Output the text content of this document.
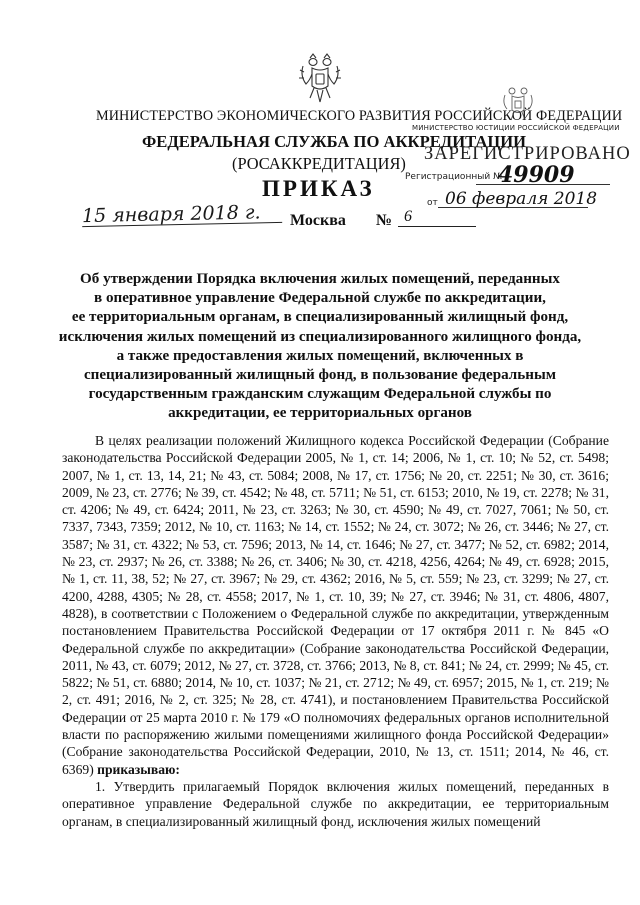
МИНИСТЕРСТВО ЭКОНОМИЧЕСКОГО РАЗВИТИЯ РОССИЙСКОЙ ФЕДЕРАЦИИ
ФЕДЕРАЛЬНАЯ СЛУЖБА ПО АККРЕДИТАЦИИ
(РОСАККРЕДИТАЦИЯ)
ПРИКАЗ
15 января 2018 г.	Москва № 6
МИНИСТЕРСТВО ЮСТИЦИИ РОССИЙСКОЙ ФЕДЕРАЦИИ
ЗАРЕГИСТРИРОВАНО
Регистрационный №
49909
от 06 февраля 2018
Об утверждении Порядка включения жилых помещений, переданных
в оперативное управление Федеральной службе по аккредитации,
ее территориальным органам, в специализированный жилищный фонд,
исключения жилых помещений из специализированного жилищного фонда,
а также предоставления жилых помещений, включенных в
специализированный жилищный фонд, в пользование федеральным
государственным гражданским служащим Федеральной службы по
аккредитации, ее территориальных органов

В целях реализации положений Жилищного кодекса Российской Федерации (Собрание законодательства Российской Федерации 2005, № 1, ст. 14; 2006, № 1, ст. 10; № 52, ст. 5498; 2007, № 1, ст. 13, 14, 21; № 43, ст. 5084; 2008, № 17, ст. 1756; № 20, ст. 2251; № 30, ст. 3616; 2009, № 23, ст. 2776; № 39, ст. 4542; № 48, ст. 5711; № 51, ст. 6153; 2010, № 19, ст. 2278; № 31, ст. 4206; № 49, ст. 6424; 2011, № 23, ст. 3263; № 30, ст. 4590; № 49, ст. 7027, 7061; № 50, ст. 7337, 7343, 7359; 2012, № 10, ст. 1163; № 14, ст. 1552; № 24, ст. 3072; № 26, ст. 3446; № 27, ст. 3587; № 31, ст. 4322; № 53, ст. 7596; 2013, № 14, ст. 1646; № 27, ст. 3477; № 52, ст. 6982; 2014, № 23, ст. 2937; № 26, ст. 3388; № 26, ст. 3406; № 30, ст. 4218, 4256, 4264; № 49, ст. 6928; 2015, № 1, ст. 11, 38, 52; № 27, ст. 3967; № 29, ст. 4362; 2016, № 5, ст. 559; № 23, ст. 3299; № 27, ст. 4200, 4288, 4305; № 28, ст. 4558; 2017, № 1, ст. 10, 39; № 27, ст. 3946; № 31, ст. 4806, 4807, 4828), в соответствии с Положением о Федеральной службе по аккредитации, утвержденным постановлением Правительства Российской Федерации от 17 октября 2011 г. № 845 «О Федеральной службе по аккредитации» (Собрание законодательства Российской Федерации, 2011, № 43, ст. 6079; 2012, № 27, ст. 3728, ст. 3766; 2013, № 8, ст. 841; № 24, ст. 2999; № 45, ст. 5822; № 51, ст. 6880; 2014, № 10, ст. 1037; № 21, ст. 2712; № 49, ст. 6957; 2015, № 1, ст. 219; № 2, ст. 491; 2016, № 2, ст. 325; № 28, ст. 4741), и постановлением Правительства Российской Федерации от 25 марта 2010 г. № 179 «О полномочиях федеральных органов исполнительной власти по распоряжению жилыми помещениями жилищного фонда Российской Федерации» (Собрание законодательства Российской Федерации, 2010, № 13, ст. 1511; 2014, № 46, ст. 6369) приказываю:

1. Утвердить прилагаемый Порядок включения жилых помещений, переданных в оперативное управление Федеральной службе по аккредитации, ее территориальным органам, в специализированный жилищный фонд, исключения жилых помещений
